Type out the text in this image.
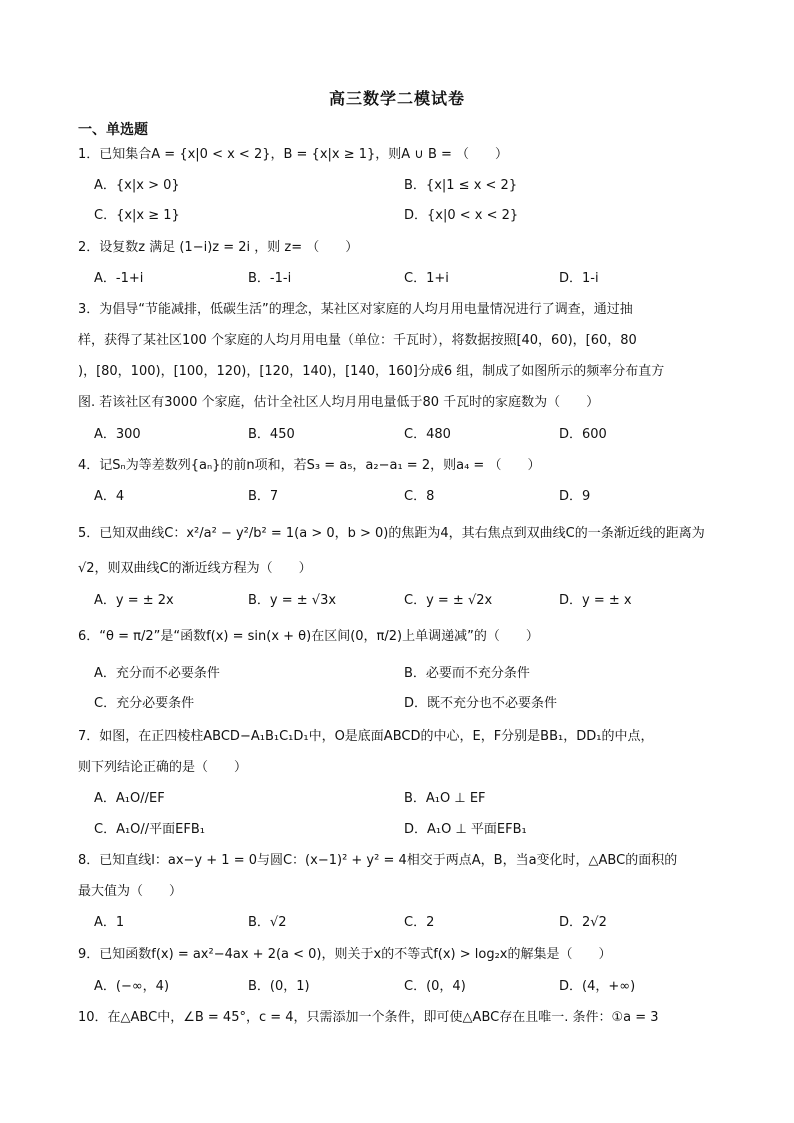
高三数学二模试卷
一、单选题
1．已知集合A = {x|0 < x < 2}，B = {x|x ≥ 1}，则A ∪ B = （　　）
A．{x|x > 0}	B．{x|1 ≤ x < 2}
C．{x|x ≥ 1}	D．{x|0 < x < 2}
2．设复数z 满足 (1−i)z = 2i ，则 z= （　　）
A．-1+i	B．-1-i	C．1+i	D．1-i
3．为倡导“节能减排，低碳生活”的理念，某社区对家庭的人均月用电量情况进行了调查，通过抽
样，获得了某社区100 个家庭的人均月用电量（单位：千瓦时），将数据按照[40，60)，[60，80
)，[80，100)，[100，120)，[120，140)，[140，160]分成6 组，制成了如图所示的频率分布直方
图. 若该社区有3000 个家庭，估计全社区人均月用电量低于80 千瓦时的家庭数为（　　）
A．300	B．450	C．480	D．600
4．记Sₙ为等差数列{aₙ}的前n项和，若S₃ = a₅，a₂−a₁ = 2，则a₄ = （　　）
A．4	B．7	C．8	D．9
5．已知双曲线C：x²/a² − y²/b² = 1(a > 0，b > 0)的焦距为4，其右焦点到双曲线C的一条渐近线的距离为
√2，则双曲线C的渐近线方程为（　　）
A．y = ± 2x	B．y = ± √3x	C．y = ± √2x	D．y = ± x
6．“θ = π/2”是“函数f(x) = sin(x + θ)在区间(0，π/2)上单调递减”的（　　）
A．充分而不必要条件	B．必要而不充分条件
C．充分必要条件	D．既不充分也不必要条件
7．如图，在正四棱柱ABCD−A₁B₁C₁D₁中，O是底面ABCD的中心，E，F分别是BB₁，DD₁的中点，
则下列结论正确的是（　　）
A．A₁O//EF	B．A₁O ⊥ EF
C．A₁O//平面EFB₁	D．A₁O ⊥ 平面EFB₁
8．已知直线l：ax−y + 1 = 0与圆C：(x−1)² + y² = 4相交于两点A，B，当a变化时，△ABC的面积的
最大值为（　　）
A．1	B．√2	C．2	D．2√2
9．已知函数f(x) = ax²−4ax + 2(a < 0)，则关于x的不等式f(x) > log₂x的解集是（　　）
A．(−∞，4)	B．(0，1)	C．(0，4)	D．(4，+∞)
10．在△ABC中，∠B = 45°，c = 4，只需添加一个条件，即可使△ABC存在且唯一. 条件：①a = 3
